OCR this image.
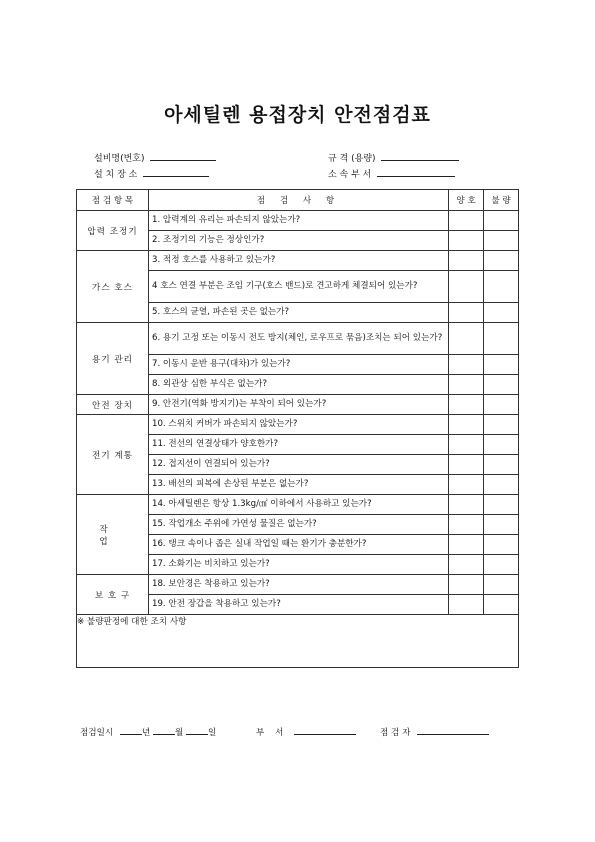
아세틸렌 용접장치 안전점검표
설비명(번호)
설 치 장 소
규 격 (용량)
소 속 부 서
점 검 항 목	점 검 사 항	양 호	불 량
압력 조정기	1. 압력계의 유리는 파손되지 않았는가?		
	2. 조정기의 기능은 정상인가?		
가스 호스	3. 적정 호스를 사용하고 있는가?		
	4 호스 연결 부분은 조임 기구(호스 밴드)로 견고하게 체결되어 있는가?		
	5. 호스의 균열, 파손된 곳은 없는가?		
용기 관리	6. 용기 고정 또는 이동시 전도 방지(체인, 로우프로 묶음)조치는 되어 있는가?		
	7. 이동시 운반 용구(대차)가 있는가?		
	8. 외관상 심한 부식은 없는가?		
안전 장치	9. 안전기(역화 방지기)는 부착이 되어 있는가?		
전기 계통	10. 스위치 커버가 파손되지 않았는가?		
	11. 전선의 연결상태가 양호한가?		
	12. 접지선이 연결되어 있는가?		
	13. 배선의 피복에 손상된 부분은 없는가?		
작 업	14. 아세틸렌은 항상 1.3kg/㎠ 이하에서 사용하고 있는가?		
	15. 작업개소 주위에 가연성 물질은 없는가?		
	16. 탱크 속이나 좁은 실내 작업일 때는 환기가 충분한가?		
	17. 소화기는 비치하고 있는가?		
보 호 구	18. 보안경은 착용하고 있는가?		
	19. 안전 장갑을 착용하고 있는가?		
※ 불량판정에 대한 조치 사항			
점검일시	년	월	일	부 서	점 검 자
